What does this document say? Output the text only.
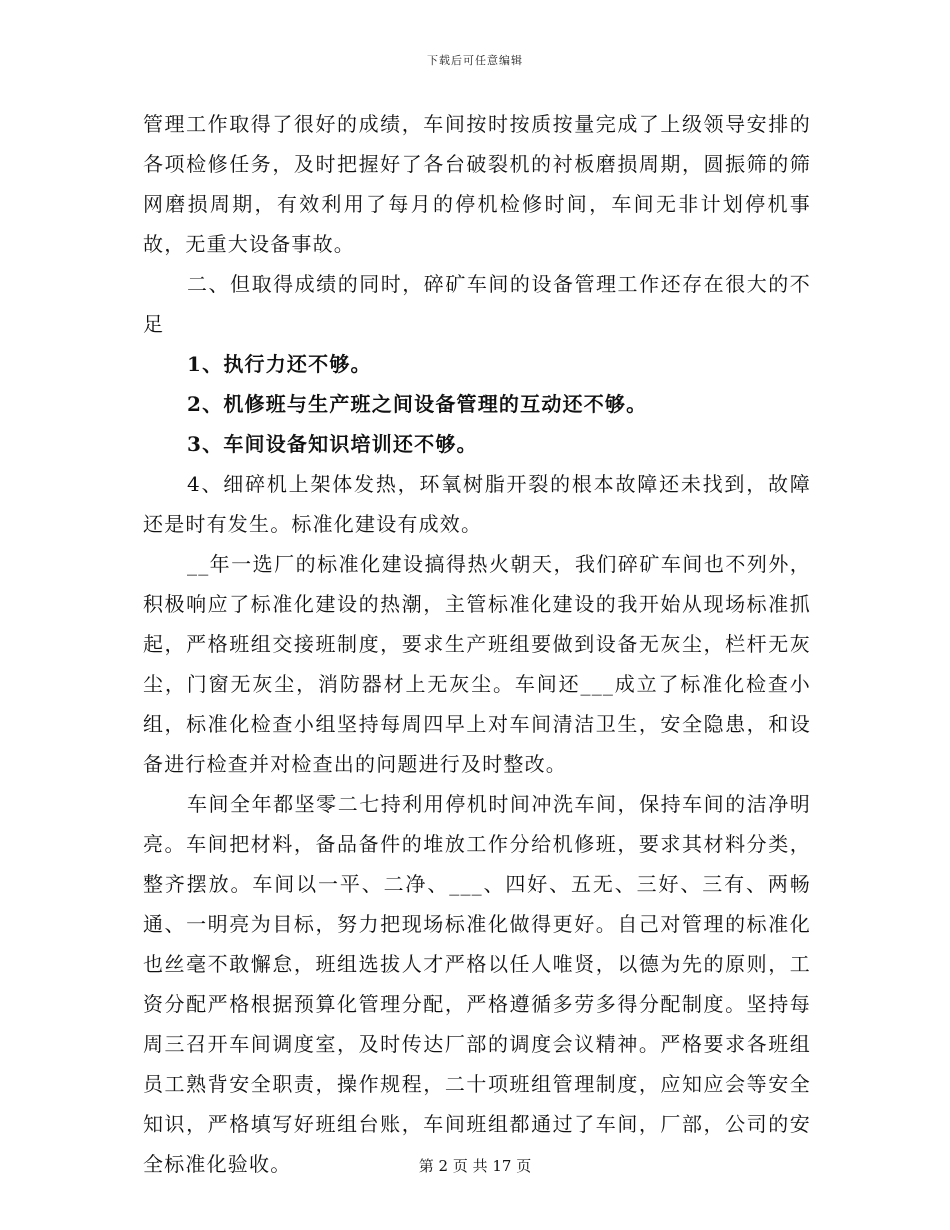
下载后可任意编辑

管理工作取得了很好的成绩，车间按时按质按量完成了上级领导安排的各项检修任务，及时把握好了各台破裂机的衬板磨损周期，圆振筛的筛网磨损周期，有效利用了每月的停机检修时间，车间无非计划停机事故，无重大设备事故。

二、但取得成绩的同时，碎矿车间的设备管理工作还存在很大的不足

1、执行力还不够。

2、机修班与生产班之间设备管理的互动还不够。

3、车间设备知识培训还不够。

4、细碎机上架体发热，环氧树脂开裂的根本故障还未找到，故障还是时有发生。标准化建设有成效。

__年一选厂的标准化建设搞得热火朝天，我们碎矿车间也不列外，积极响应了标准化建设的热潮，主管标准化建设的我开始从现场标准抓起，严格班组交接班制度，要求生产班组要做到设备无灰尘，栏杆无灰尘，门窗无灰尘，消防器材上无灰尘。车间还___成立了标准化检查小组，标准化检查小组坚持每周四早上对车间清洁卫生，安全隐患，和设备进行检查并对检查出的问题进行及时整改。

车间全年都坚零二七持利用停机时间冲洗车间，保持车间的洁净明亮。车间把材料，备品备件的堆放工作分给机修班，要求其材料分类，整齐摆放。车间以一平、二净、___、四好、五无、三好、三有、两畅通、一明亮为目标，努力把现场标准化做得更好。自己对管理的标准化也丝毫不敢懈怠，班组选拔人才严格以任人唯贤，以德为先的原则，工资分配严格根据预算化管理分配，严格遵循多劳多得分配制度。坚持每周三召开车间调度室，及时传达厂部的调度会议精神。严格要求各班组员工熟背安全职责，操作规程，二十项班组管理制度，应知应会等安全知识，严格填写好班组台账，车间班组都通过了车间，厂部，公司的安全标准化验收。	第 2 页 共 17 页
